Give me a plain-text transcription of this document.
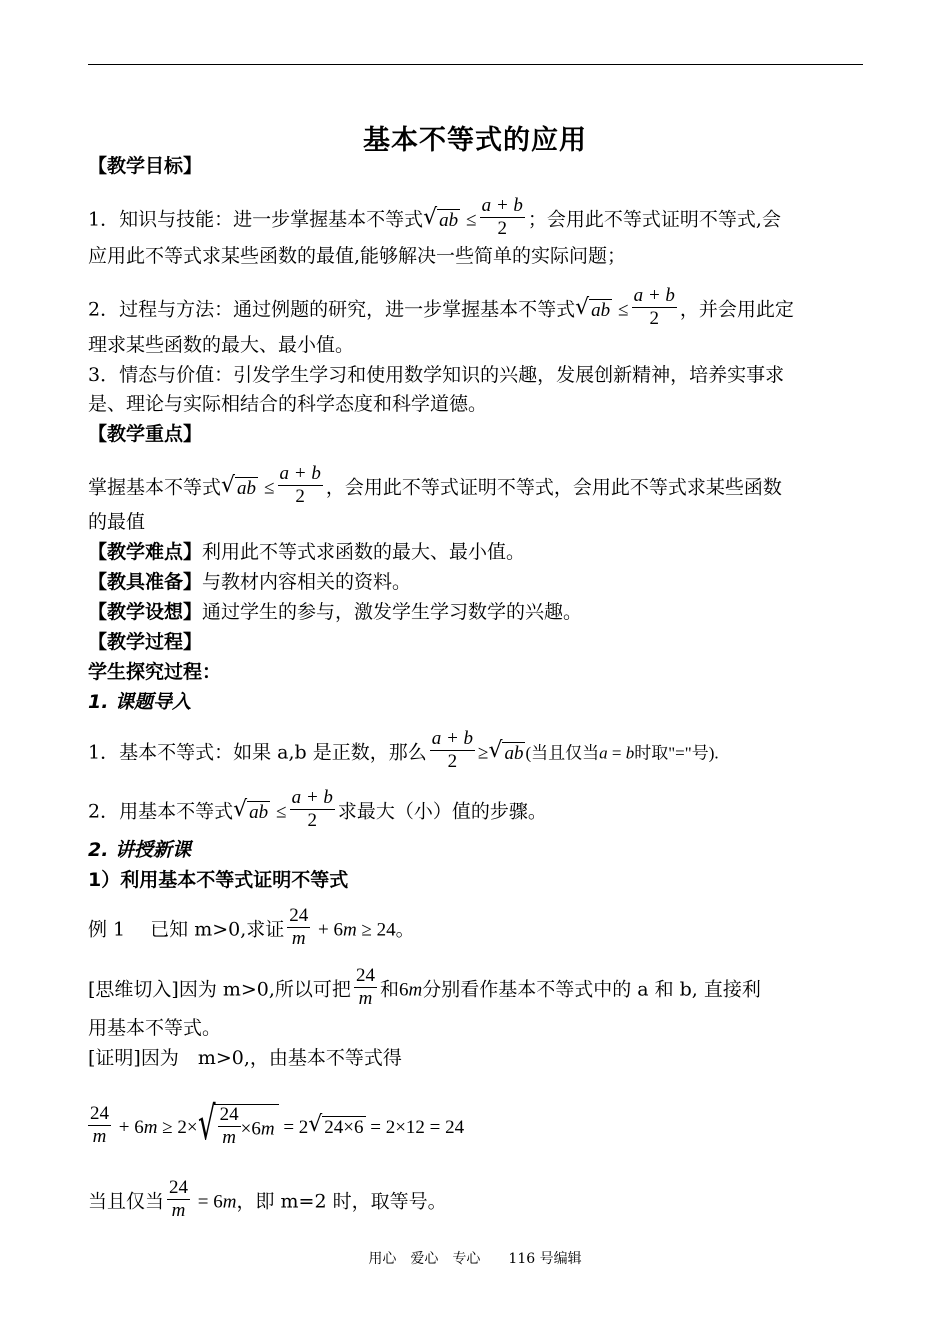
基本不等式的应用
【教学目标】
1．知识与技能：进一步掌握基本不等式 √ ab ≤ $\frac{a + b}{2}$ ；会用此不等式证明不等式,会
应用此不等式求某些函数的最值,能够解决一些简单的实际问题；
2．过程与方法：通过例题的研究，进一步掌握基本不等式 √ ab ≤ $\frac{a + b}{2}$ ，并会用此定
理求某些函数的最大、最小值。
3．情态与价值：引发学生学习和使用数学知识的兴趣，发展创新精神，培养实事求
是、理论与实际相结合的科学态度和科学道德。
【教学重点】
掌握基本不等式 √ ab ≤ $\frac{a + b}{2}$ ，会用此不等式证明不等式，会用此不等式求某些函数
的最值
【教学难点】利用此不等式求函数的最大、最小值。
【教具准备】与教材内容相关的资料。
【教学设想】通过学生的参与，激发学生学习数学的兴趣。
【教学过程】
学生探究过程：
1. 课题导入
1．基本不等式：如果 a,b 是正数，那么 $\frac{a + b}{2}$ ≥ √ ab (当且仅当a = b时取"="号).
2．用基本不等式 √ ab ≤ $\frac{a + b}{2}$ 求最大（小）值的步骤。
2. 讲授新课
1）利用基本不等式证明不等式
例 1　 已知 m>0,求证 $\frac{24}{m} + 6m \ge 24$。
[思维切入]因为 m>0,所以可把 $\frac{24}{m}$ 和6m分别看作基本不等式中的 a 和 b, 直接利
用基本不等式。
[证明]因为　m>0,，由基本不等式得
$\frac{24}{m} + 6m \ge 2\times$ √ $\frac{24}{m} \times 6m = 2$ √ 24×6 = 2×12 = 24
当且仅当 $\frac{24}{m} = 6m$，即 m=2 时，取等号。
用心　爱心　专心　　116 号编辑
